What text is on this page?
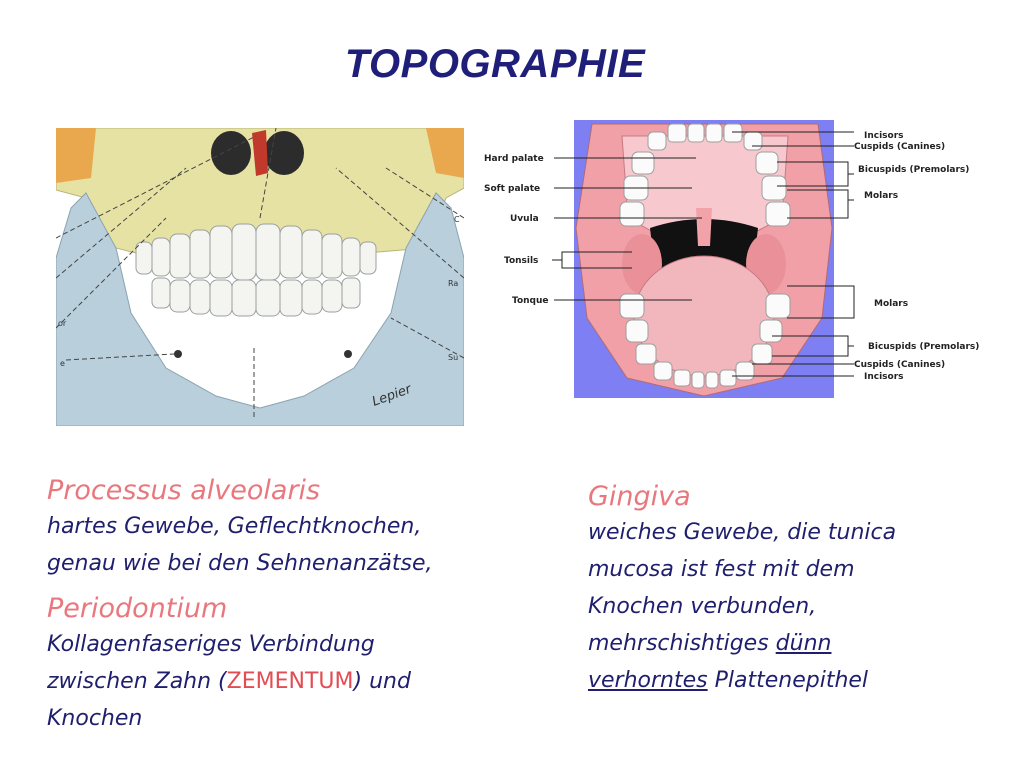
TOPOGRAPHIE
C
Ra
or
Su
e
Lepier
Hard palate
Soft palate
Uvula
Tonsils
Tonque
Incisors
Cuspids (Canines)
Bicuspids (Premolars)
Molars
Molars
Bicuspids (Premolars)
Cuspids (Canines)
Incisors
Processus alveolaris
hartes Gewebe, Geflechtknochen,
genau wie bei den Sehnenanzätse,
Periodontium
Kollagenfaseriges Verbindung
zwischen Zahn (ZEMENTUM) und
Knochen
Gingiva
weiches Gewebe, die tunica
mucosa ist fest mit dem
Knochen verbunden,
mehrschishtiges dünn
verhorntes Plattenepithel
